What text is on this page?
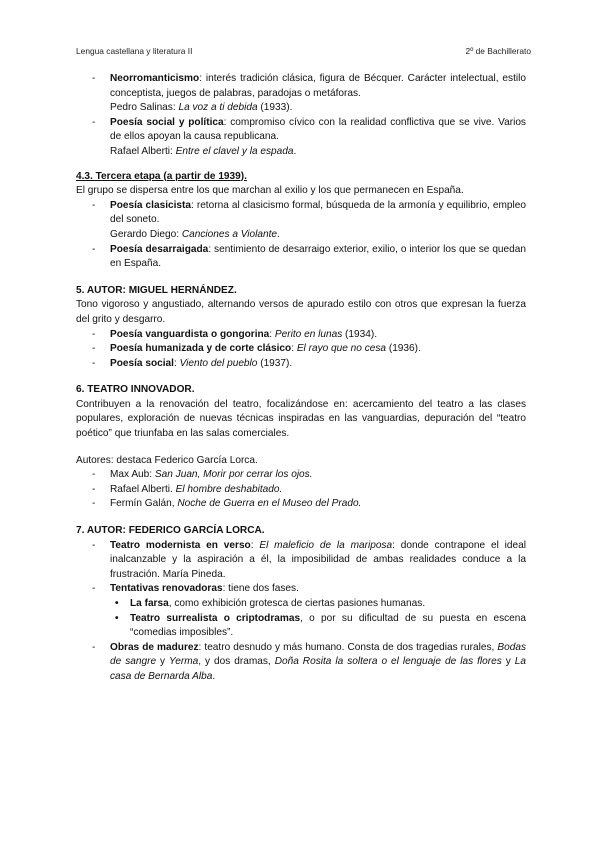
Lengua castellana y literatura II	2º de Bachillerato
- Neorromanticismo: interés tradición clásica, figura de Bécquer. Carácter intelectual, estilo conceptista, juegos de palabras, paradojas o metáforas.
Pedro Salinas: La voz a ti debida (1933).
- Poesía social y política: compromiso cívico con la realidad conflictiva que se vive. Varios de ellos apoyan la causa republicana.
Rafael Alberti: Entre el clavel y la espada.
4.3. Tercera etapa (a partir de 1939).

El grupo se dispersa entre los que marchan al exilio y los que permanecen en España.

- Poesía clasicista: retorna al clasicismo formal, búsqueda de la armonía y equilibrio, empleo del soneto.
Gerardo Diego: Canciones a Violante.
- Poesía desarraigada: sentimiento de desarraigo exterior, exilio, o interior los que se quedan en España.
5. AUTOR: MIGUEL HERNÁNDEZ.

Tono vigoroso y angustiado, alternando versos de apurado estilo con otros que expresan la fuerza del grito y desgarro.

- Poesía vanguardista o gongorina: Perito en lunas (1934).
- Poesía humanizada y de corte clásico: El rayo que no cesa (1936).
- Poesía social: Viento del pueblo (1937).
6. TEATRO INNOVADOR.

Contribuyen a la renovación del teatro, focalizándose en: acercamiento del teatro a las clases populares, exploración de nuevas técnicas inspiradas en las vanguardias, depuración del “teatro poético” que triunfaba en las salas comerciales.

Autores: destaca Federico García Lorca.

- Max Aub: San Juan, Morir por cerrar los ojos.
- Rafael Alberti. El hombre deshabitado.
- Fermín Galán, Noche de Guerra en el Museo del Prado.
7. AUTOR: FEDERICO GARCÍA LORCA.
- Teatro modernista en verso: El maleficio de la mariposa: donde contrapone el ideal inalcanzable y la aspiración a él, la imposibilidad de ambas realidades conduce a la frustración. María Pineda.
- Tentativas renovadoras: tiene dos fases.
• La farsa, como exhibición grotesca de ciertas pasiones humanas.
• Teatro surrealista o criptodramas, o por su dificultad de su puesta en escena “comedias imposibles”.
- Obras de madurez: teatro desnudo y más humano. Consta de dos tragedias rurales, Bodas de sangre y Yerma, y dos dramas, Doña Rosita la soltera o el lenguaje de las flores y La casa de Bernarda Alba.
